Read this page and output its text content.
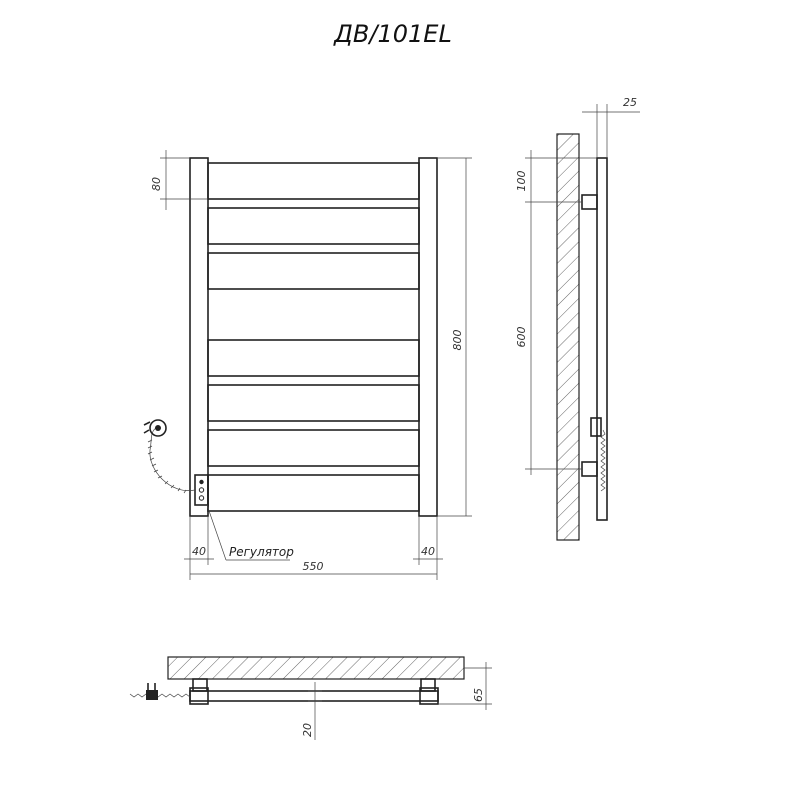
ДВ/101EL
80
800
40	40
550
Регулятор
25
100
600
65
20
